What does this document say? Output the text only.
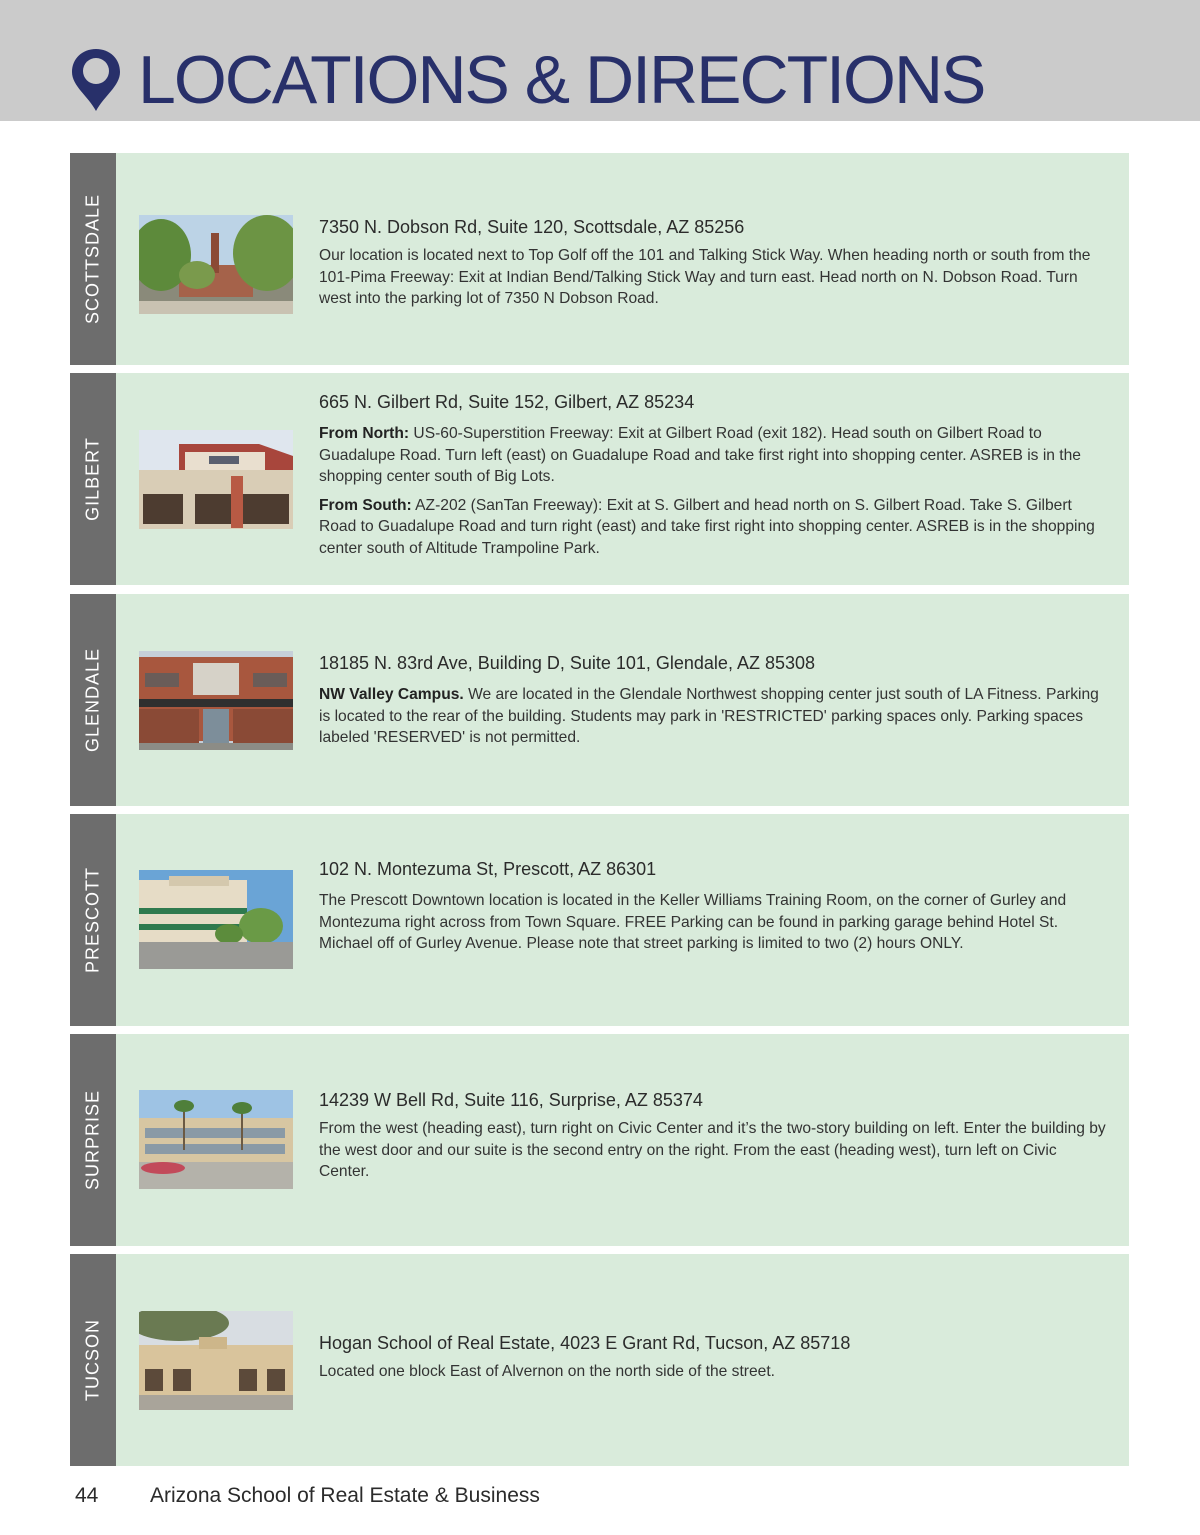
LOCATIONS & DIRECTIONS
SCOTTSDALE	7350 N. Dobson Rd, Suite 120, Scottsdale, AZ 85256

Our location is located next to Top Golf off the 101 and Talking Stick Way. When heading north or south from the 101-Pima Freeway: Exit at Indian Bend/Talking Stick Way and turn east. Head north on N. Dobson Road. Turn west into the parking lot of 7350 N Dobson Road.

GILBERT
665 N. Gilbert Rd, Suite 152, Gilbert, AZ 85234

From North: US-60-Superstition Freeway: Exit at Gilbert Road (exit 182). Head south on Gilbert Road to Guadalupe Road. Turn left (east) on Guadalupe Road and take first right into shopping center. ASREB is in the shopping center south of Big Lots.

From South: AZ-202 (SanTan Freeway): Exit at S. Gilbert and head north on S. Gilbert Road. Take S. Gilbert Road to Guadalupe Road and turn right (east) and take first right into shopping center. ASREB is in the shopping center south of Altitude Trampoline Park.

GLENDALE	18185 N. 83rd Ave, Building D, Suite 101, Glendale, AZ 85308

NW Valley Campus. We are located in the Glendale Northwest shopping center just south of LA Fitness. Parking is located to the rear of the building. Students may park in 'RESTRICTED' parking spaces only. Parking spaces labeled 'RESERVED' is not permitted.

PRESCOTT	102 N. Montezuma St, Prescott, AZ 86301

The Prescott Downtown location is located in the Keller Williams Training Room, on the corner of Gurley and Montezuma right across from Town Square. FREE Parking can be found in parking garage behind Hotel St. Michael off of Gurley Avenue. Please note that street parking is limited to two (2) hours ONLY.

SURPRISE	14239 W Bell Rd, Suite 116, Surprise, AZ 85374

From the west (heading east), turn right on Civic Center and it’s the two-story building on left. Enter the building by the west door and our suite is the second entry on the right. From the east (heading west), turn left on Civic Center.

TUCSON	Hogan School of Real Estate, 4023 E Grant Rd, Tucson, AZ 85718

Located one block East of Alvernon on the north side of the street.

44 Arizona School of Real Estate & Business
